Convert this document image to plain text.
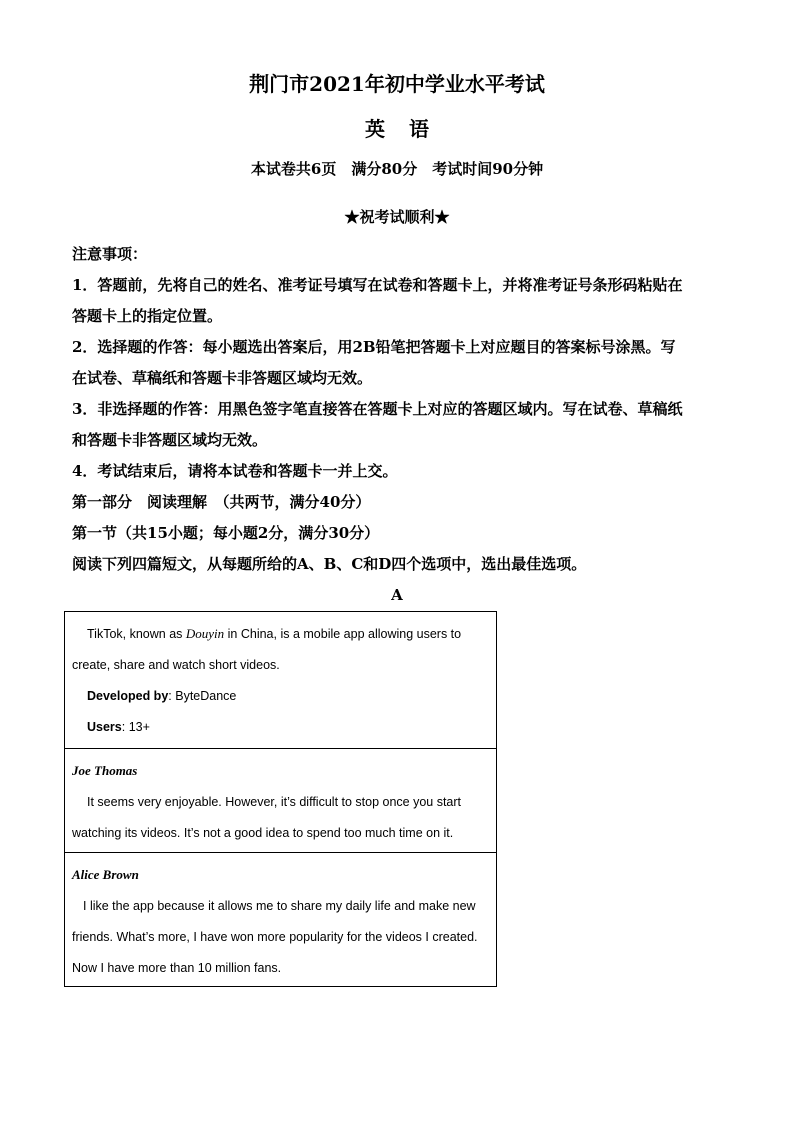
荆门市2021年初中学业水平考试
英 语
本试卷共6页　满分80分　考试时间90分钟
★祝考试顺利★
注意事项：
1．答题前，先将自己的姓名、准考证号填写在试卷和答题卡上，并将准考证号条形码粘贴在
答题卡上的指定位置。
2．选择题的作答：每小题选出答案后，用2B铅笔把答题卡上对应题目的答案标号涂黑。写
在试卷、草稿纸和答题卡非答题区域均无效。
3．非选择题的作答：用黑色签字笔直接答在答题卡上对应的答题区域内。写在试卷、草稿纸
和答题卡非答题区域均无效。
4．考试结束后，请将本试卷和答题卡一并上交。
第一部分　阅读理解　（共两节，满分40分）
第一节（共15小题；每小题2分，满分30分）
阅读下列四篇短文，从每题所给的A、B、C和D四个选项中，选出最佳选项。
A
TikTok, known as Douyin in China, is a mobile app allowing users to
create, share and watch short videos.
Developed by: ByteDance
Users: 13+
Joe Thomas
It seems very enjoyable. However, it’s difficult to stop once you start
watching its videos. It’s not a good idea to spend too much time on it.
Alice Brown
I like the app because it allows me to share my daily life and make new
friends. What’s more, I have won more popularity for the videos I created.
Now I have more than 10 million fans.
